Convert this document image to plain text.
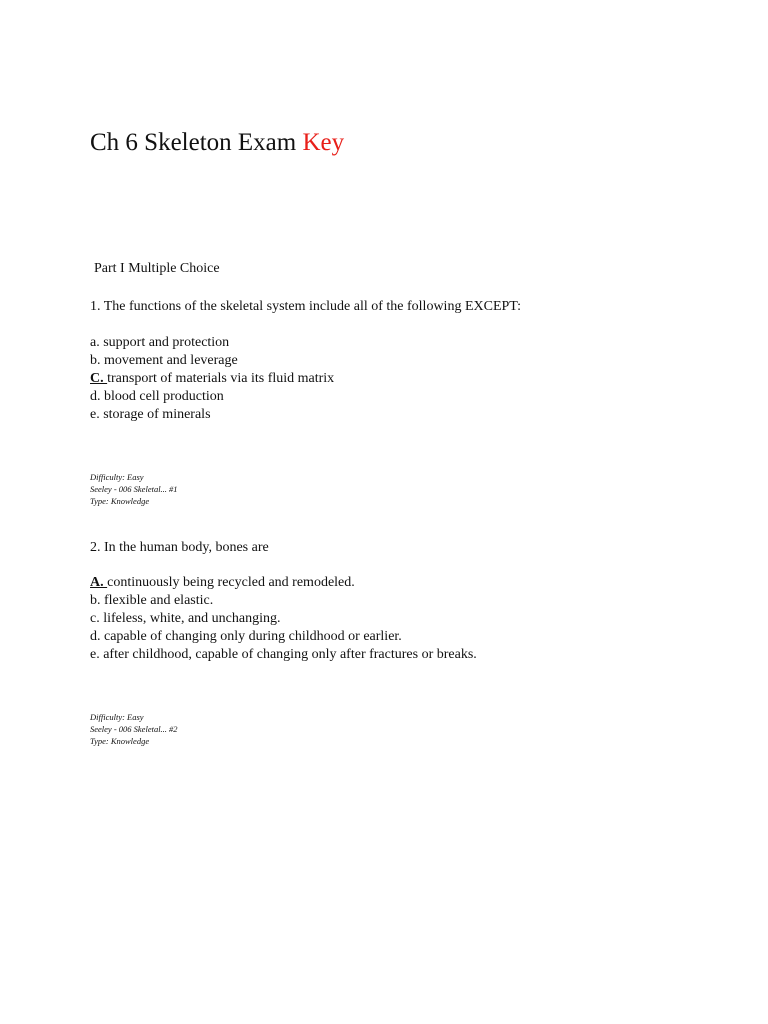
Ch 6 Skeleton Exam Key
Part I Multiple Choice
1. The functions of the skeletal system include all of the following EXCEPT:
a. support and protection
b. movement and leverage
C. transport of materials via its fluid matrix
d. blood cell production
e. storage of minerals
Difficulty: Easy
Seeley - 006 Skeletal... #1
Type: Knowledge
2. In the human body, bones are
A. continuously being recycled and remodeled.
b. flexible and elastic.
c. lifeless, white, and unchanging.
d. capable of changing only during childhood or earlier.
e. after childhood, capable of changing only after fractures or breaks.
Difficulty: Easy
Seeley - 006 Skeletal... #2
Type: Knowledge
